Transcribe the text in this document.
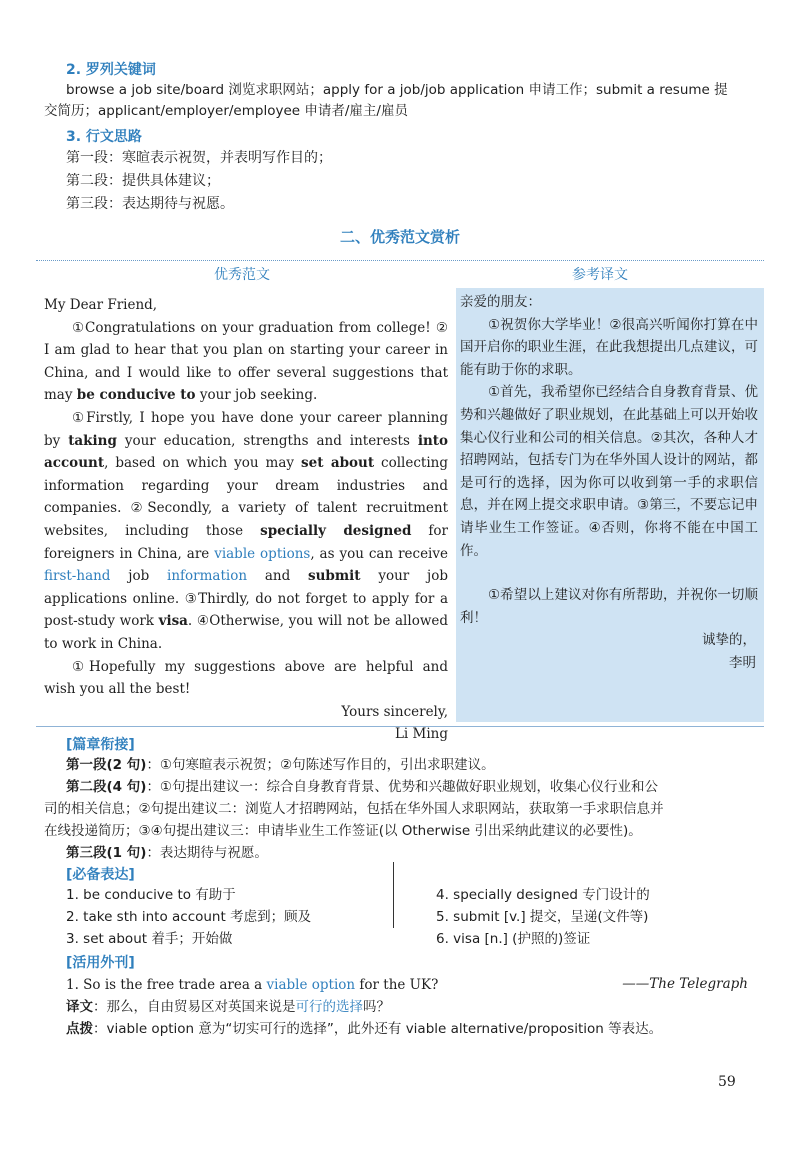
2. 罗列关键词
browse a job site/board 浏览求职网站；apply for a job/job application 申请工作；submit a resume 提
交简历；applicant/employer/employee 申请者/雇主/雇员
3. 行文思路
第一段：寒暄表示祝贺，并表明写作目的；
第二段：提供具体建议；
第三段：表达期待与祝愿。
二、优秀范文赏析
优秀范文	参考译文

My Dear Friend,

①Congratulations on your graduation from college! ② I am glad to hear that you plan on starting your career in China, and I would like to offer several suggestions that may be conducive to your job seeking.

①Firstly, I hope you have done your career planning by taking your education, strengths and interests into account, based on which you may set about collecting information regarding your dream industries and companies. ②Secondly, a variety of talent recruitment websites, including those specially designed for foreigners in China, are viable options, as you can receive first-hand job information and submit your job applications online. ③Thirdly, do not forget to apply for a post-study work visa. ④Otherwise, you will not be allowed to work in China.

①Hopefully my suggestions above are helpful and wish you all the best!

Yours sincerely,

Li Ming

亲爱的朋友：

①祝贺你大学毕业！②很高兴听闻你打算在中国开启你的职业生涯，在此我想提出几点建议，可能有助于你的求职。

①首先，我希望你已经结合自身教育背景、优势和兴趣做好了职业规划，在此基础上可以开始收集心仪行业和公司的相关信息。②其次，各种人才招聘网站，包括专门为在华外国人设计的网站，都是可行的选择，因为你可以收到第一手的求职信息，并在网上提交求职申请。③第三，不要忘记申请毕业生工作签证。④否则，你将不能在中国工作。

①希望以上建议对你有所帮助，并祝你一切顺利！

诚挚的，

李明

[篇章衔接]
第一段(2 句)：①句寒暄表示祝贺；②句陈述写作目的，引出求职建议。
第二段(4 句)：①句提出建议一：综合自身教育背景、优势和兴趣做好职业规划，收集心仪行业和公
司的相关信息；②句提出建议二：浏览人才招聘网站，包括在华外国人求职网站，获取第一手求职信息并
在线投递简历；③④句提出建议三：申请毕业生工作签证(以 Otherwise 引出采纳此建议的必要性)。
第三段(1 句)：表达期待与祝愿。
[必备表达]
1. be conducive to 有助于
2. take sth into account 考虑到；顾及
3. set about 着手；开始做
4. specially designed 专门设计的
5. submit [v.] 提交，呈递(文件等)
6. visa [n.] (护照的)签证
[活用外刊]
1. So is the free trade area a viable option for the UK?	——The Telegraph
译文：那么，自由贸易区对英国来说是可行的选择吗？
点拨：viable option 意为“切实可行的选择”，此外还有 viable alternative/proposition 等表达。
59
